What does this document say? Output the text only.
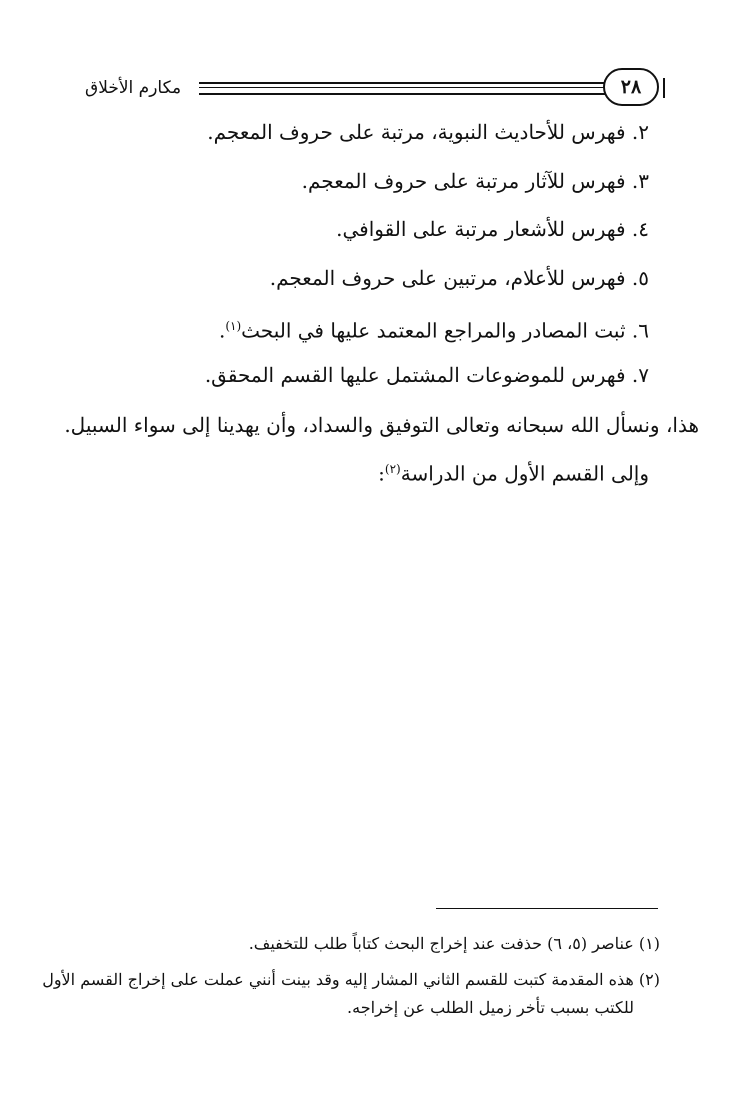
مكارم الأخلاق	٢٨
٢. فهرس للأحاديث النبوية، مرتبة على حروف المعجم.
٣. فهرس للآثار مرتبة على حروف المعجم.
٤. فهرس للأشعار مرتبة على القوافي.
٥. فهرس للأعلام، مرتبين على حروف المعجم.
٦. ثبت المصادر والمراجع المعتمد عليها في البحث$^{(١)}$.
٧. فهرس للموضوعات المشتمل عليها القسم المحقق.
هذا، ونسأل الله سبحانه وتعالى التوفيق والسداد، وأن يهدينا إلى سواء السبيل.
وإلى القسم الأول من الدراسة$^{(٢)}$:
(١) عناصر (٥، ٦) حذفت عند إخراج البحث كتاباً طلب للتخفيف.
(٢) هذه المقدمة كتبت للقسم الثاني المشار إليه وقد بينت أنني عملت على إخراج القسم الأول
للكتب بسبب تأخر زميل الطلب عن إخراجه.
